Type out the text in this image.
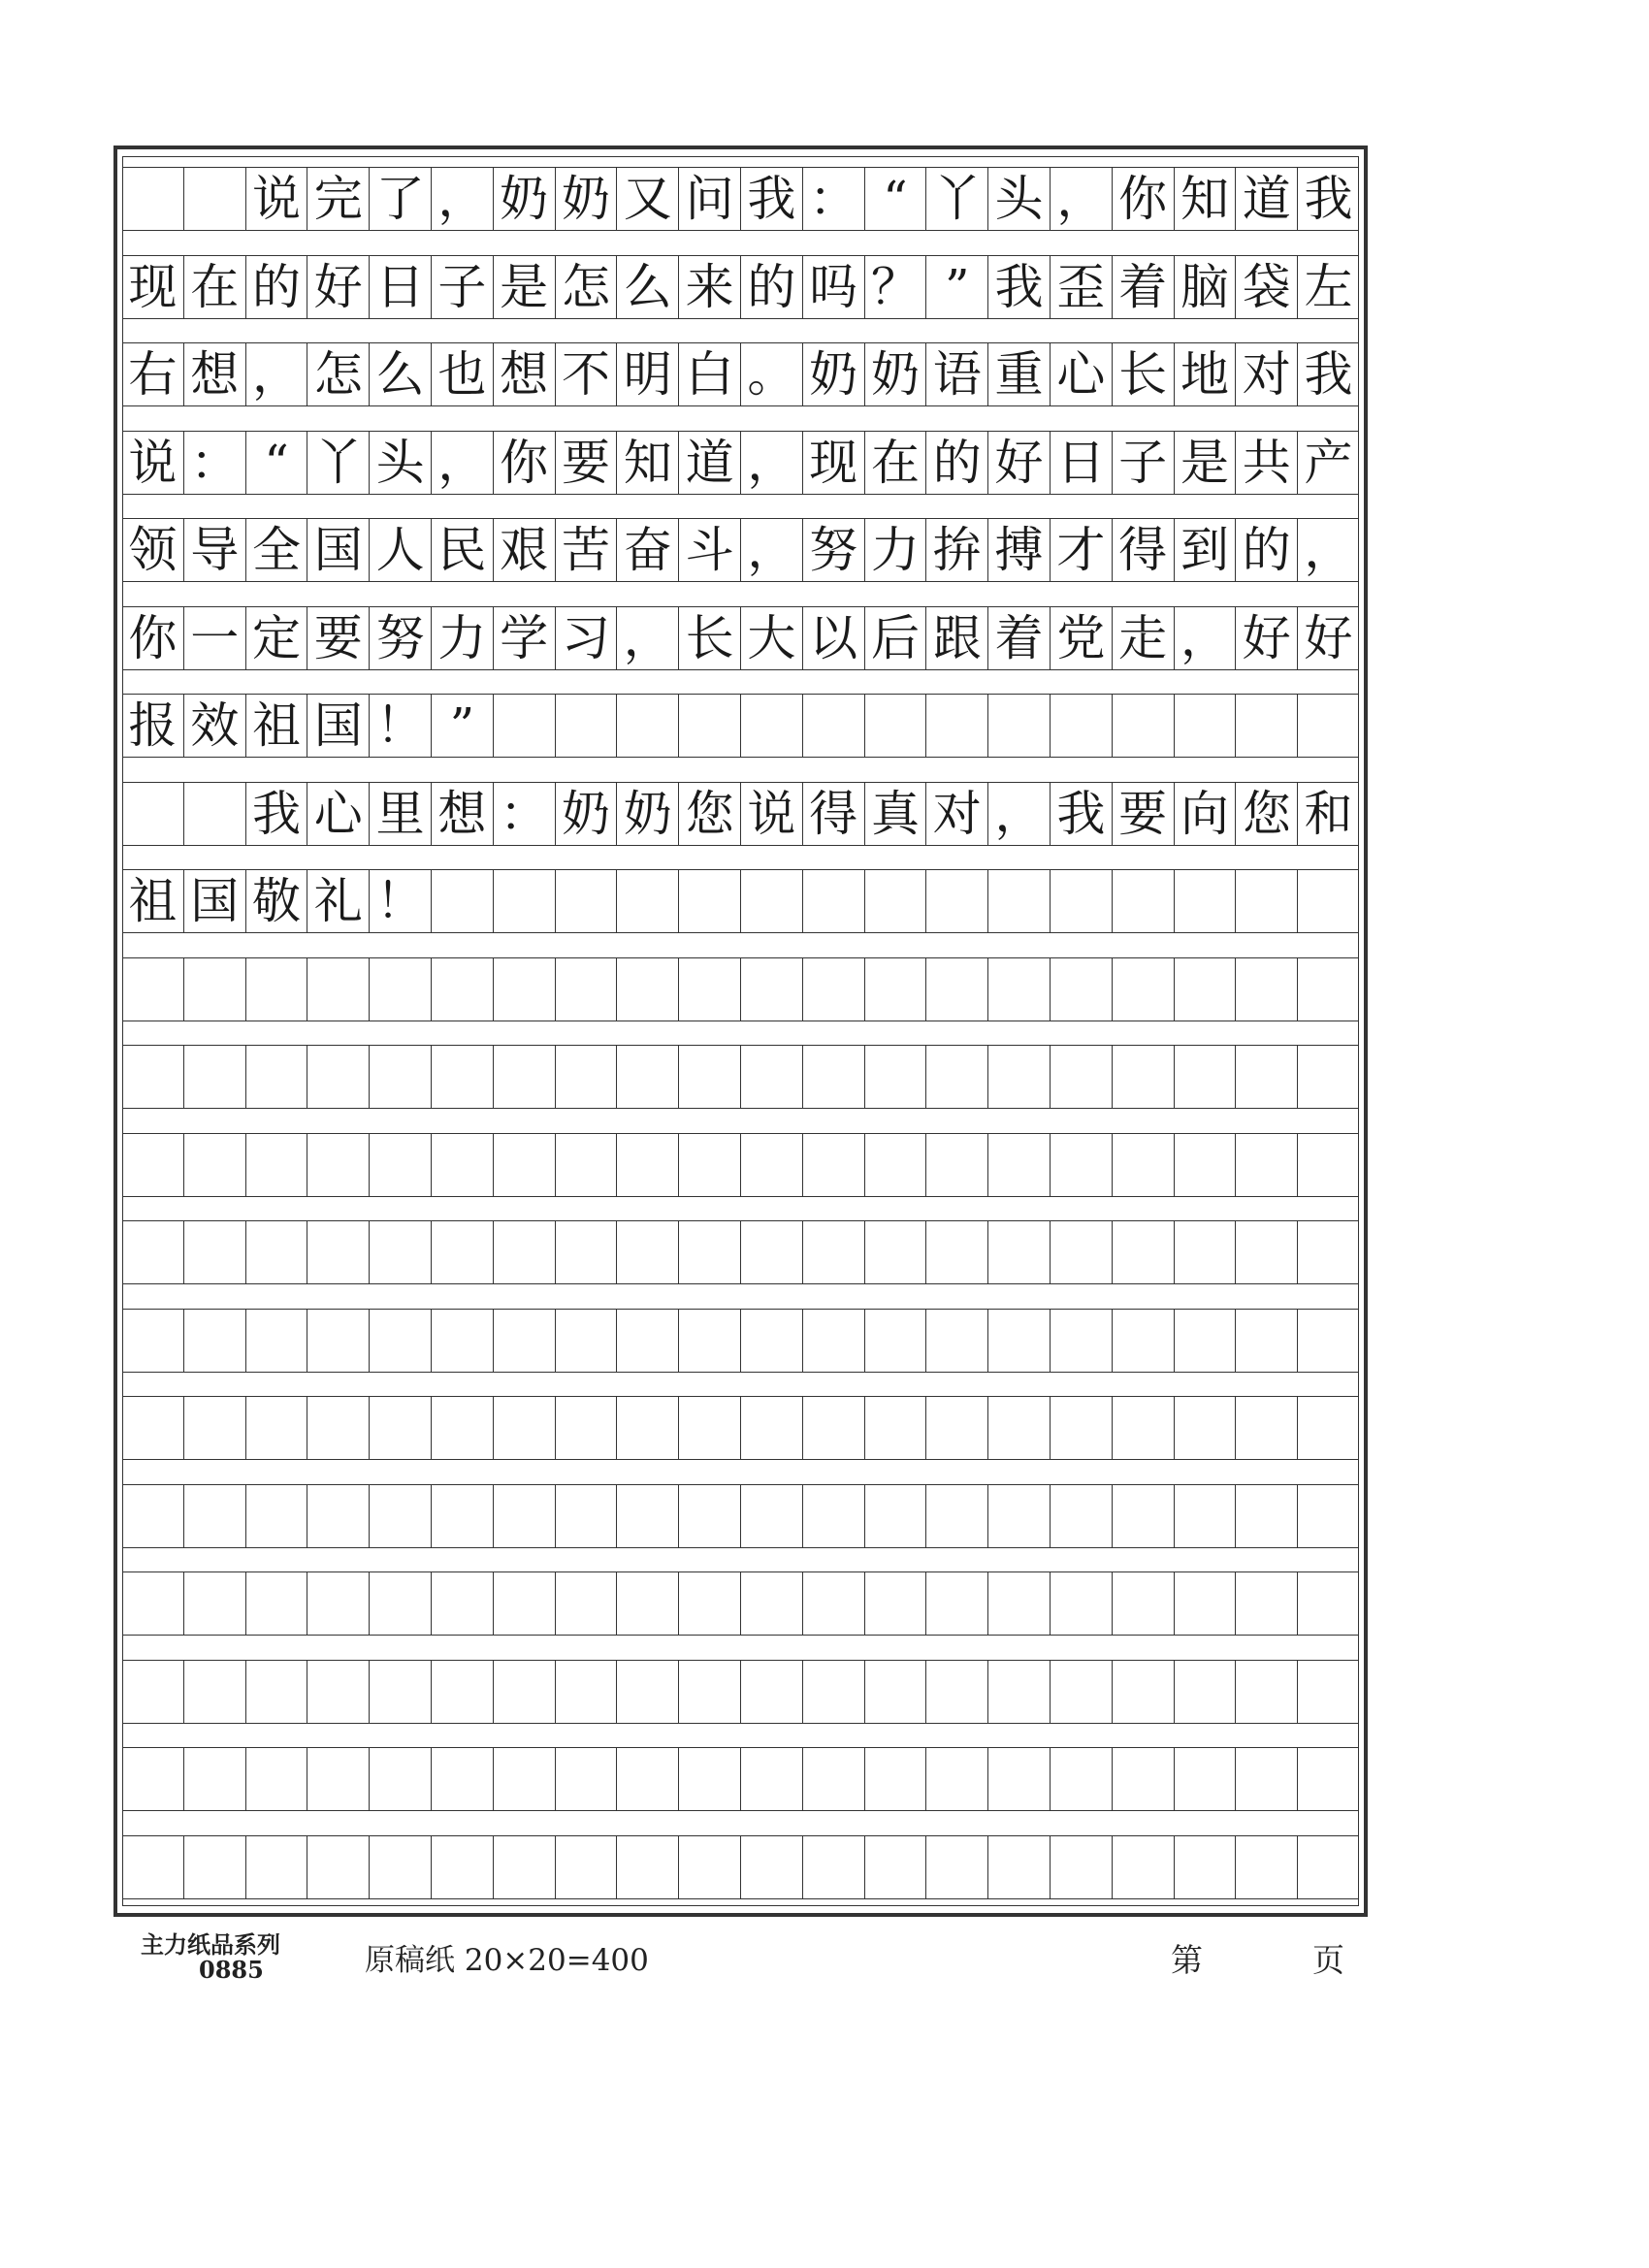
说 完 了 ， 奶 奶 又 问 我 ： “ 丫 头 ， 你 知 道 我
现 在 的 好 日 子 是 怎 么 来 的 吗 ？ ” 我 歪 着 脑 袋 左
右 想 ， 怎 么 也 想 不 明 白 。 奶 奶 语 重 心 长 地 对 我
说 ： “ 丫 头 ， 你 要 知 道 ， 现 在 的 好 日 子 是 共 产
领 导 全 国 人 民 艰 苦 奋 斗 ， 努 力 拚 搏 才 得 到 的 ，
你 一 定 要 努 力 学 习 ， 长 大 以 后 跟 着 党 走 ， 好 好
报 效 祖 国 ！ ”
我 心 里 想 ： 奶 奶 您 说 得 真 对 ， 我 要 向 您 和
祖 国 敬 礼 ！
主力纸品系列
0885	原稿纸 20×20=400	第	页
